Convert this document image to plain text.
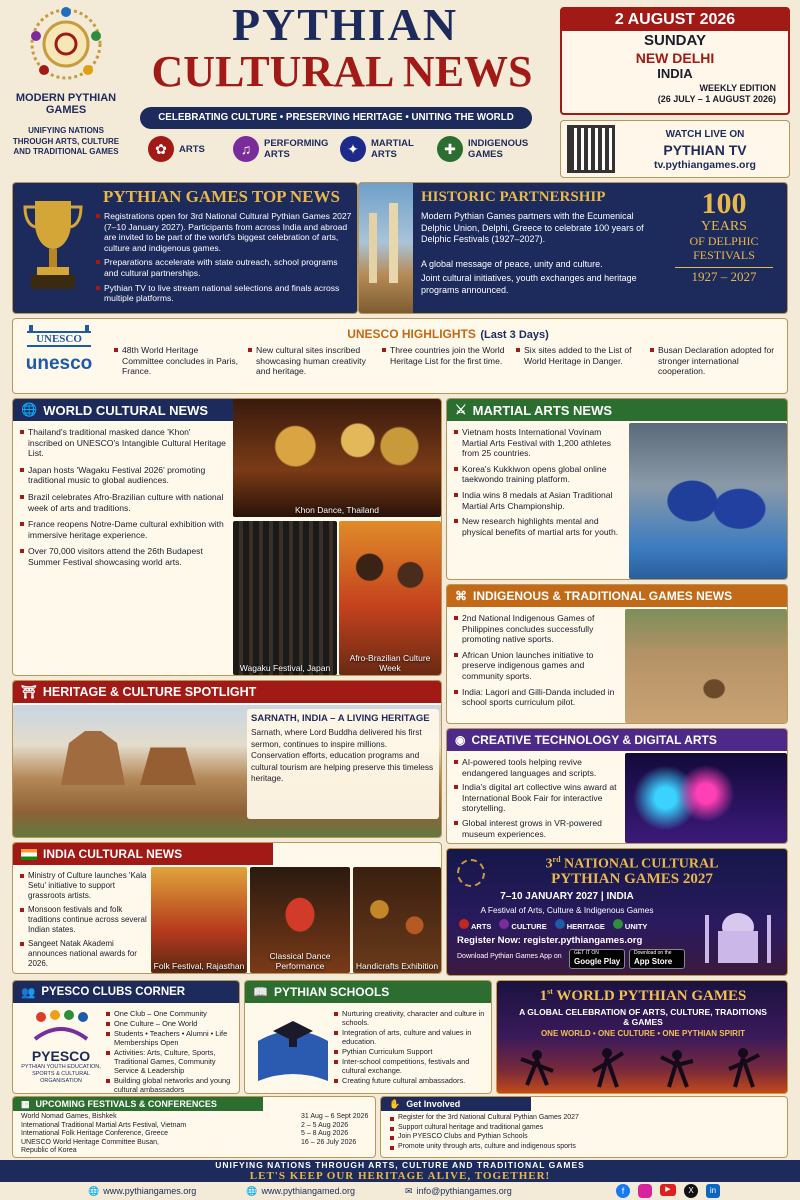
MODERN PYTHIAN GAMES
UNIFYING NATIONS THROUGH ARTS, CULTURE AND TRADITIONAL GAMES
PYTHIAN
CULTURAL NEWS
CELEBRATING CULTURE • PRESERVING HERITAGE • UNITING THE WORLD
✿	ARTS	♫	PERFORMING ARTS	✦	MARTIAL ARTS	✚	INDIGENOUS GAMES
2 AUGUST 2026
SUNDAY
NEW DELHI
INDIA
WEEKLY EDITION
(26 JULY – 1 AUGUST 2026)
WATCH LIVE ON
PYTHIAN TV
tv.pythiangames.org
PYTHIAN GAMES TOP NEWS
Registrations open for 3rd National Cultural Pythian Games 2027 (7–10 January 2027). Participants from across India and abroad are invited to be part of the world's biggest celebration of arts, culture and indigenous games.
Preparations accelerate with state outreach, school programs and cultural partnerships.
Pythian TV to live stream national selections and finals across multiple platforms.
HISTORIC PARTNERSHIP
Modern Pythian Games partners with the Ecumenical Delphic Union, Delphi, Greece to celebrate 100 years of Delphic Festivals (1927–2027).
A global message of peace, unity and culture.
Joint cultural initiatives, youth exchanges and heritage programs announced.
100
YEARS
OF DELPHIC
FESTIVALS
1927 – 2027
UNESCO
unesco
UNESCO HIGHLIGHTS (Last 3 Days)
48th World Heritage Committee concludes in Paris, France.
New cultural sites inscribed showcasing human creativity and heritage.
Three countries join the World Heritage List for the first time.
Six sites added to the List of World Heritage in Danger.
Busan Declaration adopted for stronger international cooperation.
🌐 WORLD CULTURAL NEWS
Thailand's traditional masked dance 'Khon' inscribed on UNESCO's Intangible Cultural Heritage List.
Japan hosts 'Wagaku Festival 2026' promoting traditional music to global audiences.
Brazil celebrates Afro-Brazilian culture with national week of arts and traditions.
France reopens Notre-Dame cultural exhibition with immersive heritage experience.
Over 70,000 visitors attend the 26th Budapest Summer Festival showcasing world arts.
Khon Dance, Thailand
Wagaku Festival, Japan
Afro-Brazilian Culture Week
⚔ MARTIAL ARTS NEWS
Vietnam hosts International Vovinam Martial Arts Festival with 1,200 athletes from 25 countries.
Korea's Kukkiwon opens global online taekwondo training platform.
India wins 8 medals at Asian Traditional Martial Arts Championship.
New research highlights mental and physical benefits of martial arts for youth.
⌘ INDIGENOUS & TRADITIONAL GAMES NEWS
2nd National Indigenous Games of Philippines concludes successfully promoting native sports.
African Union launches initiative to preserve indigenous games and community sports.
India: Lagori and Gilli-Danda included in school sports curriculum pilot.
⛩ HERITAGE & CULTURE SPOTLIGHT
SARNATH, INDIA – A LIVING HERITAGE
Sarnath, where Lord Buddha delivered his first sermon, continues to inspire millions. Conservation efforts, education programs and cultural tourism are helping preserve this timeless heritage.
◉ CREATIVE TECHNOLOGY & DIGITAL ARTS
AI-powered tools helping revive endangered languages and scripts.
India's digital art collective wins award at International Book Fair for interactive storytelling.
Global interest grows in VR-powered museum experiences.
INDIA CULTURAL NEWS
Ministry of Culture launches 'Kala Setu' initiative to support grassroots artists.
Monsoon festivals and folk traditions continue across several Indian states.
Sangeet Natak Akademi announces national awards for 2026.	Folk Festival, Rajasthan
Classical Dance Performance	Handicrafts Exhibition
3rd NATIONAL CULTURAL
PYTHIAN GAMES 2027
7–10 JANUARY 2027 | INDIA
A Festival of Arts, Culture & Indigenous Games
ARTS	CULTURE	HERITAGE	UNITY
Register Now: register.pythiangames.org
Download Pythian Games App on	GET IT ON
Google Play
Download on the
App Store
👥 PYESCO CLUBS CORNER
PYESCO
PYTHIAN YOUTH EDUCATION, SPORTS & CULTURAL ORGANISATION
One Club – One Community
One Culture – One World
Students • Teachers • Alumni • Life Memberships Open
Activities: Arts, Culture, Sports, Traditional Games, Community Service & Leadership
Building global networks and young cultural ambassadors
📖 PYTHIAN SCHOOLS
Nurturing creativity, character and culture in schools.
Integration of arts, culture and values in education.
Pythian Curriculum Support
Inter-school competitions, festivals and cultural exchange.
Creating future cultural ambassadors.
1st WORLD PYTHIAN GAMES
A GLOBAL CELEBRATION OF ARTS, CULTURE, TRADITIONS & GAMES
ONE WORLD • ONE CULTURE • ONE PYTHIAN SPIRIT
▦ UPCOMING FESTIVALS & CONFERENCES
World Nomad Games, Bishkek	31 Aug – 6 Sept 2026
International Traditional Martial Arts Festival, Vietnam	2 – 5 Aug 2026
International Folk Heritage Conference, Greece	5 – 8 Aug 2026
UNESCO World Heritage Committee Busan, Republic of Korea
16 – 26 July 2026
✋ Get Involved
Register for the 3rd National Cultural Pythian Games 2027
Support cultural heritage and traditional games
Join PYESCO Clubs and Pythian Schools
Promote unity through arts, culture and indigenous sports
UNIFYING NATIONS THROUGH ARTS, CULTURE AND TRADITIONAL GAMES
LET'S KEEP OUR HERITAGE ALIVE, TOGETHER!
🌐 www.pythiangames.org	🌐 www.pythiangamed.org	✉ info@pythiangames.org	f	▶	X	in
